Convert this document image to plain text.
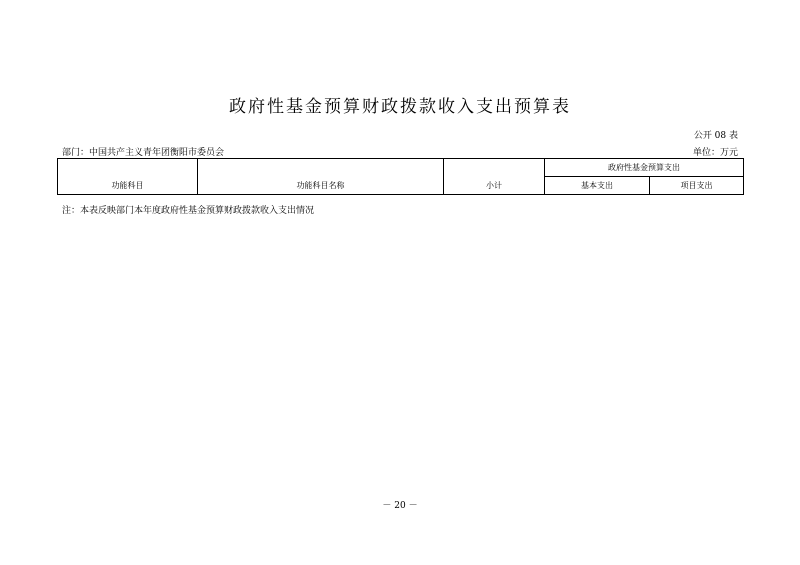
政府性基金预算财政拨款收入支出预算表
公开 08 表
部门：中国共产主义青年团衡阳市委员会	单位：万元
			政府性基金预算支出	
功能科目	功能科目名称	小计	基本支出	项目支出
注：本表反映部门本年度政府性基金预算财政拨款收入支出情况
－ 20 －
